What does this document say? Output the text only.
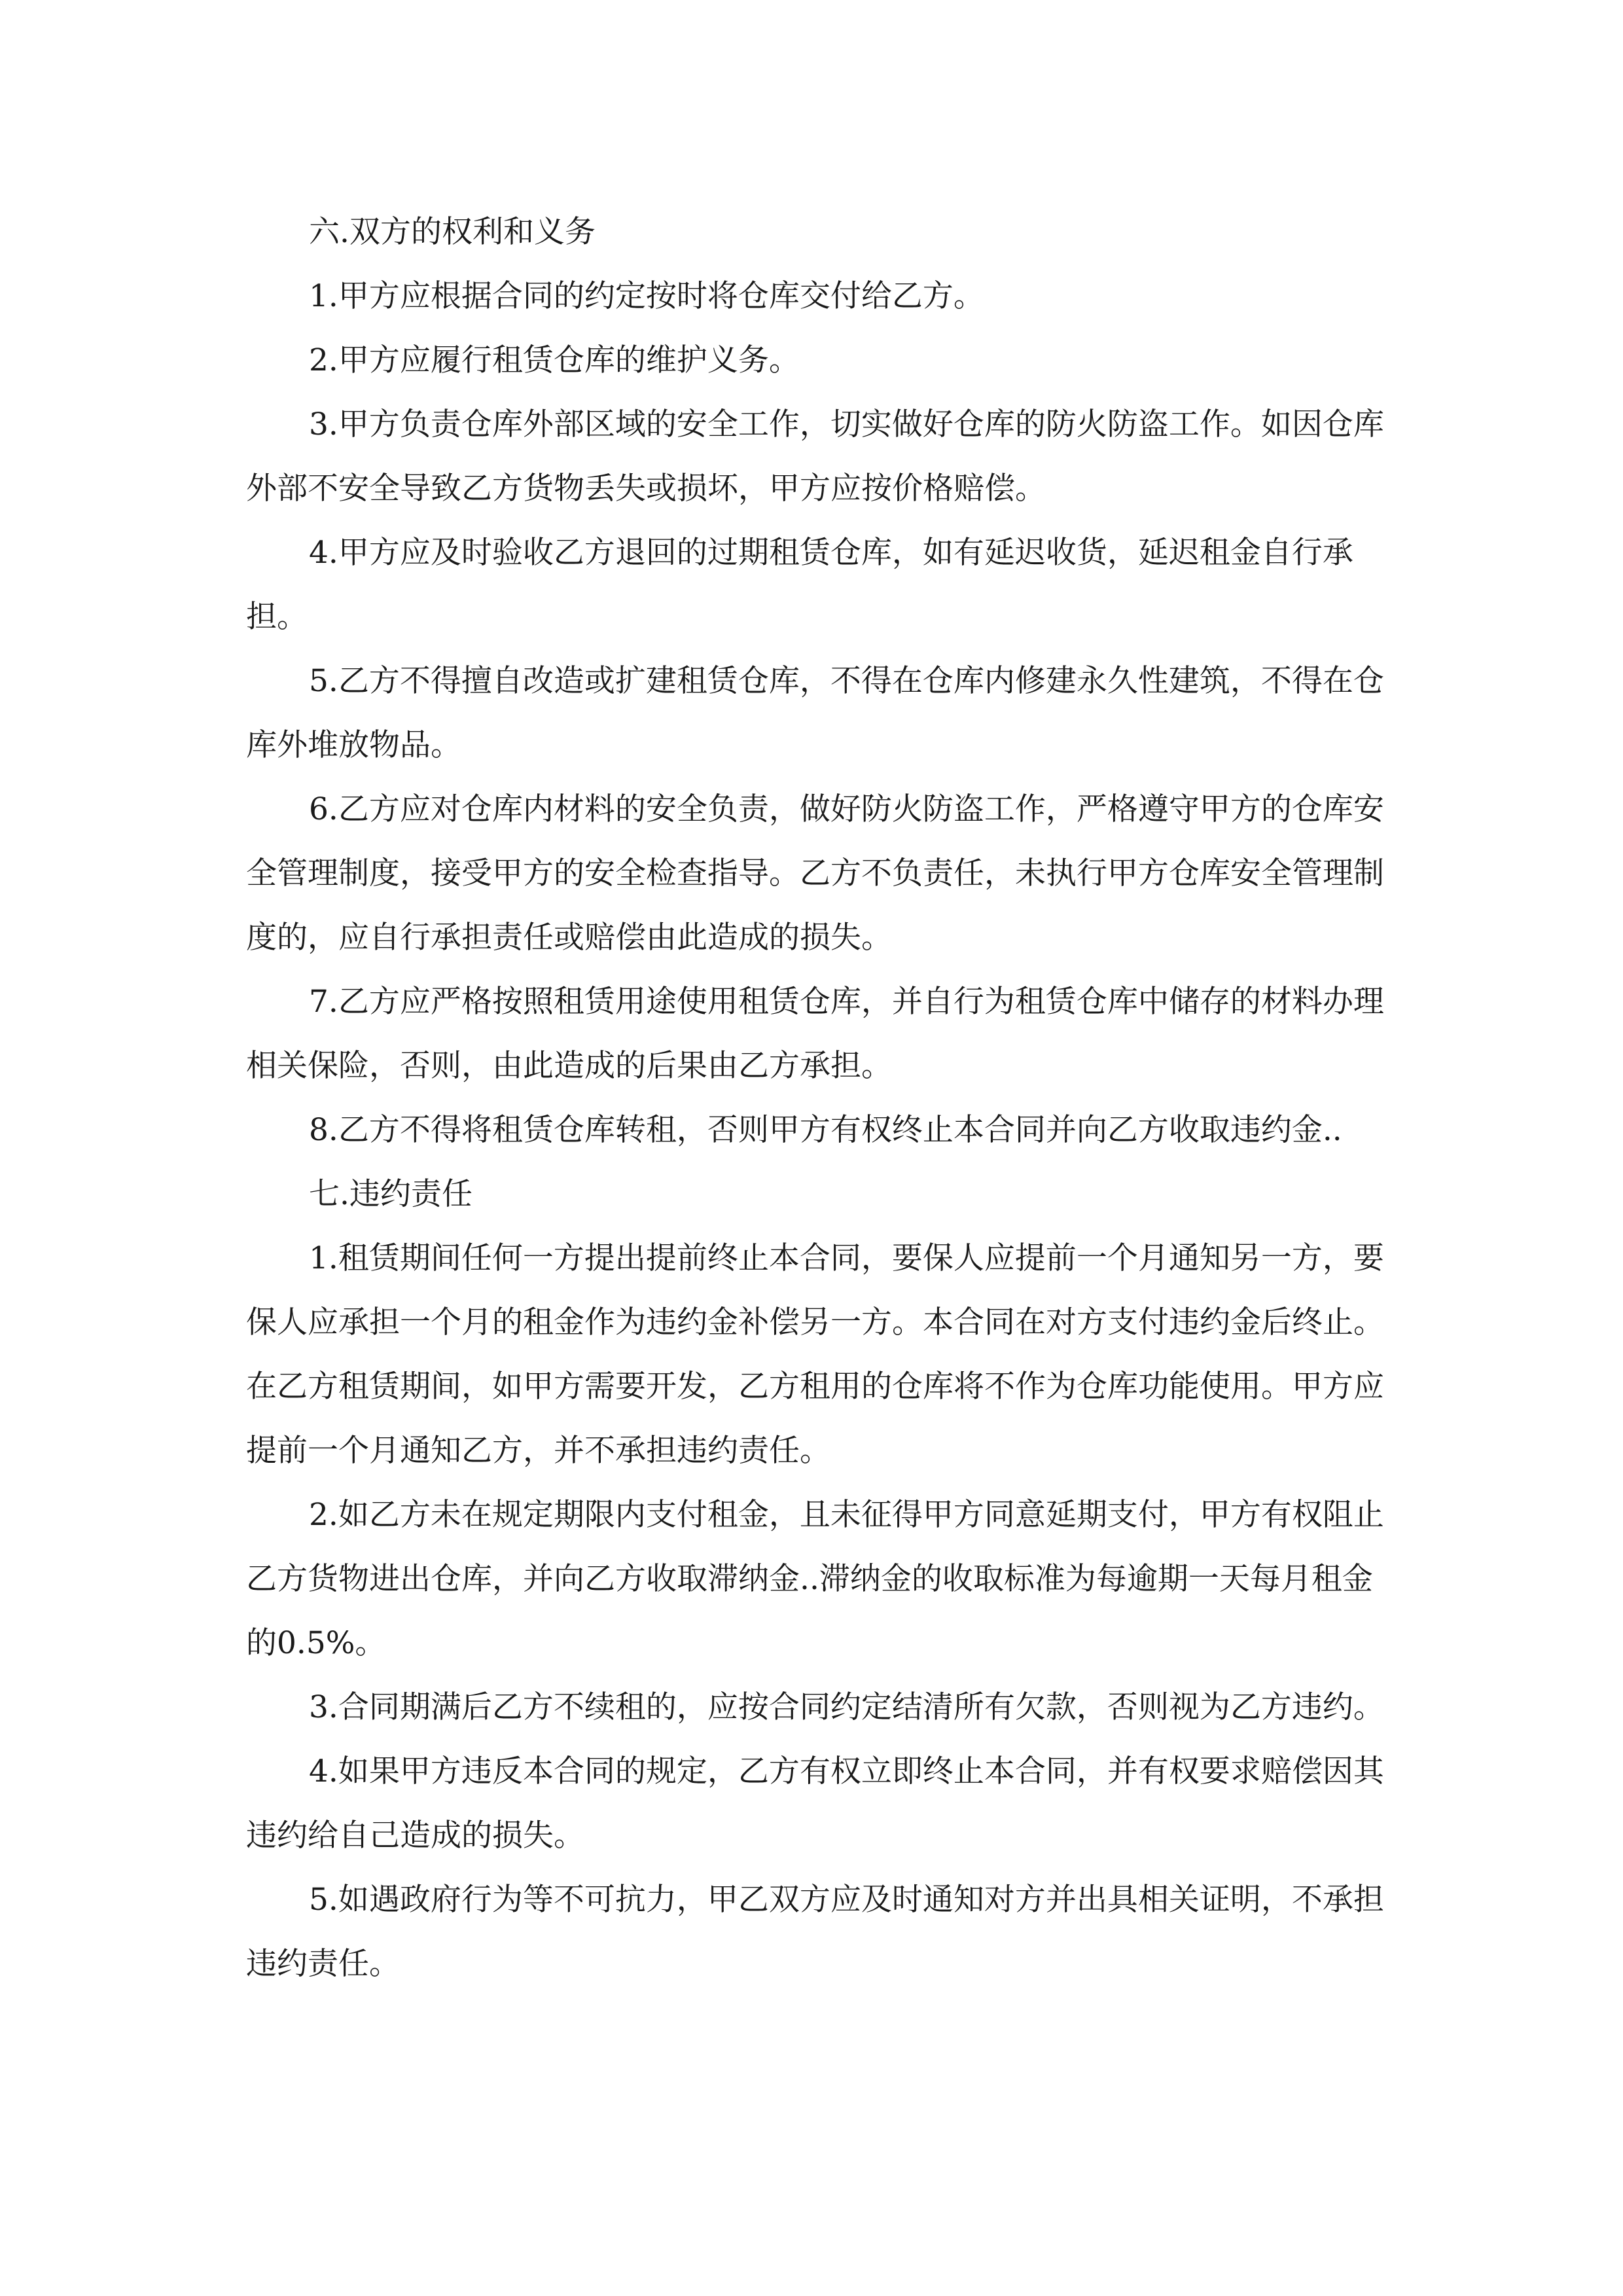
六.双方的权利和义务

1.甲方应根据合同的约定按时将仓库交付给乙方。

2.甲方应履行租赁仓库的维护义务。

3.甲方负责仓库外部区域的安全工作，切实做好仓库的防火防盗工作。如因仓库外部不安全导致乙方货物丢失或损坏，甲方应按价格赔偿。

4.甲方应及时验收乙方退回的过期租赁仓库，如有延迟收货，延迟租金自行承担。

5.乙方不得擅自改造或扩建租赁仓库，不得在仓库内修建永久性建筑，不得在仓库外堆放物品。

6.乙方应对仓库内材料的安全负责，做好防火防盗工作，严格遵守甲方的仓库安全管理制度，接受甲方的安全检查指导。乙方不负责任，未执行甲方仓库安全管理制度的，应自行承担责任或赔偿由此造成的损失。

7.乙方应严格按照租赁用途使用租赁仓库，并自行为租赁仓库中储存的材料办理相关保险，否则，由此造成的后果由乙方承担。

8.乙方不得将租赁仓库转租，否则甲方有权终止本合同并向乙方收取违约金..

七.违约责任

1.租赁期间任何一方提出提前终止本合同，要保人应提前一个月通知另一方，要保人应承担一个月的租金作为违约金补偿另一方。本合同在对方支付违约金后终止。在乙方租赁期间，如甲方需要开发，乙方租用的仓库将不作为仓库功能使用。甲方应提前一个月通知乙方，并不承担违约责任。

2.如乙方未在规定期限内支付租金，且未征得甲方同意延期支付，甲方有权阻止乙方货物进出仓库，并向乙方收取滞纳金..滞纳金的收取标准为每逾期一天每月租金的0.5%。

3.合同期满后乙方不续租的，应按合同约定结清所有欠款，否则视为乙方违约。

4.如果甲方违反本合同的规定，乙方有权立即终止本合同，并有权要求赔偿因其违约给自己造成的损失。

5.如遇政府行为等不可抗力，甲乙双方应及时通知对方并出具相关证明，不承担违约责任。
